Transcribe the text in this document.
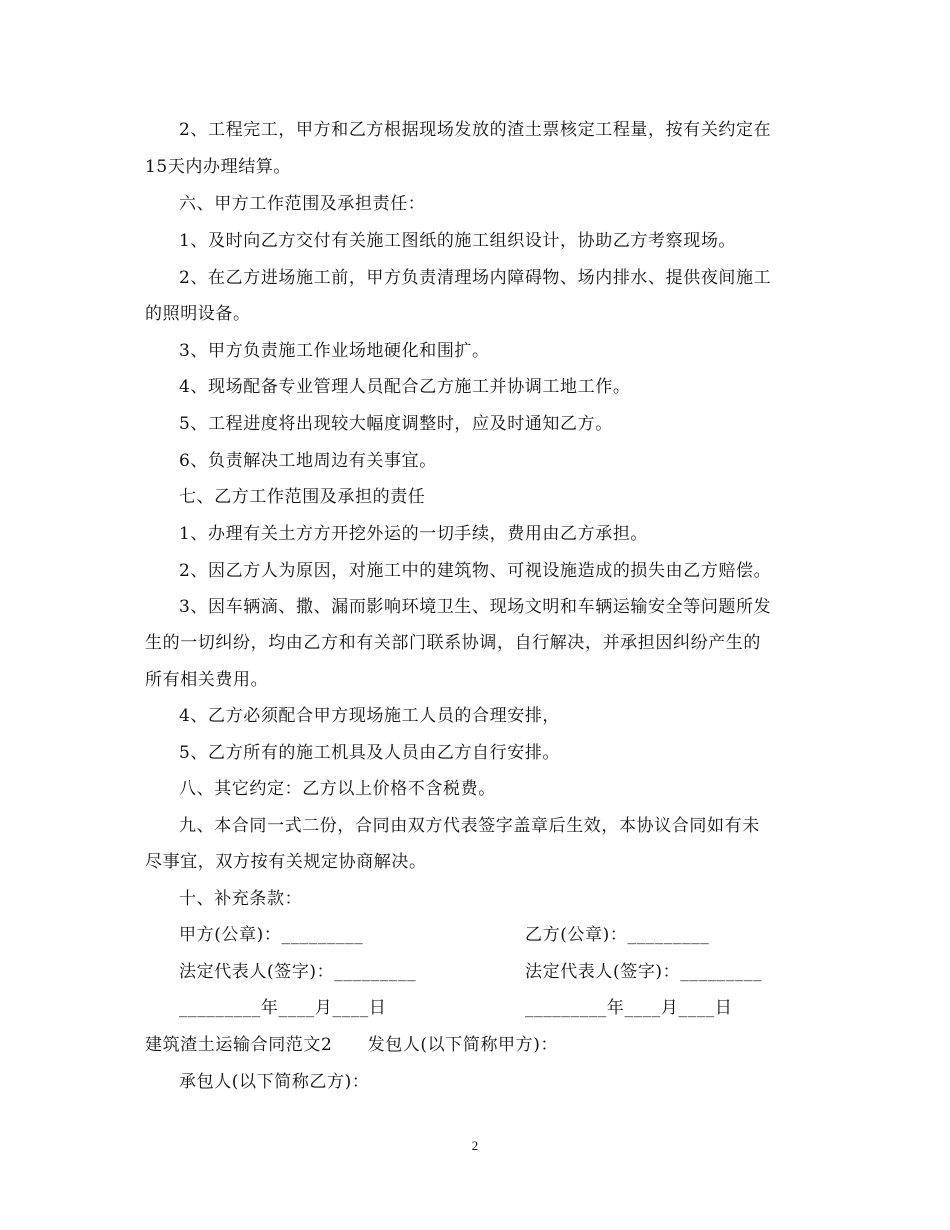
2、工程完工，甲方和乙方根据现场发放的渣土票核定工程量，按有关约定在
15天内办理结算。
六、甲方工作范围及承担责任：
1、及时向乙方交付有关施工图纸的施工组织设计，协助乙方考察现场。
2、在乙方进场施工前，甲方负责清理场内障碍物、场内排水、提供夜间施工
的照明设备。
3、甲方负责施工作业场地硬化和围扩。
4、现场配备专业管理人员配合乙方施工并协调工地工作。
5、工程进度将出现较大幅度调整时，应及时通知乙方。
6、负责解决工地周边有关事宜。
七、乙方工作范围及承担的责任
1、办理有关土方方开挖外运的一切手续，费用由乙方承担。
2、因乙方人为原因，对施工中的建筑物、可视设施造成的损失由乙方赔偿。
3、因车辆滴、撒、漏而影响环境卫生、现场文明和车辆运输安全等问题所发
生的一切纠纷，均由乙方和有关部门联系协调，自行解决，并承担因纠纷产生的
所有相关费用。
4、乙方必须配合甲方现场施工人员的合理安排，
5、乙方所有的施工机具及人员由乙方自行安排。
八、其它约定：乙方以上价格不含税费。
九、本合同一式二份，合同由双方代表签字盖章后生效，本协议合同如有未
尽事宜，双方按有关规定协商解决。
十、补充条款：
甲方(公章)：_________	乙方(公章)：_________
法定代表人(签字)：_________	法定代表人(签字)：_________
_________年____月____日	_________年____月____日
建筑渣土运输合同范文2　　发包人(以下简称甲方)：
承包人(以下简称乙方)：
2
